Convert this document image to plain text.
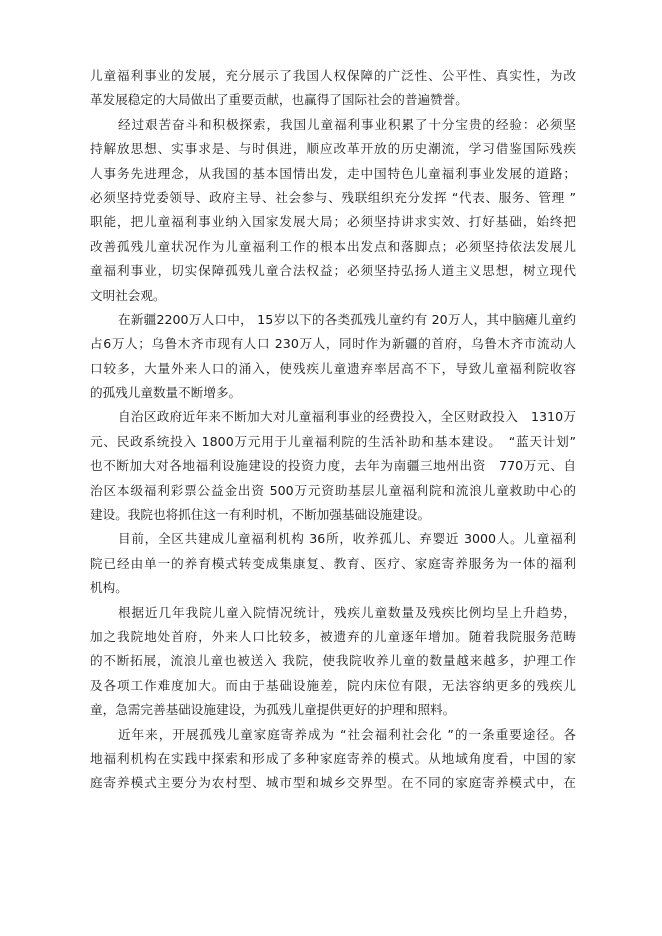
儿童福利事业的发展，充分展示了我国人权保障的广泛性、公平性、真实性，为改
革发展稳定的大局做出了重要贡献，也赢得了国际社会的普遍赞誉。
经过艰苦奋斗和积极探索，我国儿童福利事业积累了十分宝贵的经验：必须坚
持解放思想、实事求是、与时俱进，顺应改革开放的历史潮流，学习借鉴国际残疾
人事务先进理念，从我国的基本国情出发，走中国特色儿童福利事业发展的道路；
必须坚持党委领导、政府主导、社会参与、残联组织充分发挥 “代表、服务、管理 ”
职能，把儿童福利事业纳入国家发展大局；必须坚持讲求实效、打好基础，始终把
改善孤残儿童状况作为儿童福利工作的根本出发点和落脚点；必须坚持依法发展儿
童福利事业，切实保障孤残儿童合法权益；必须坚持弘扬人道主义思想，树立现代
文明社会观。
在新疆2200万人口中， 15岁以下的各类孤残儿童约有 20万人，其中脑瘫儿童约
占6万人；乌鲁木齐市现有人口 230万人，同时作为新疆的首府，乌鲁木齐市流动人
口较多，大量外来人口的涌入，使残疾儿童遗弃率居高不下，导致儿童福利院收容
的孤残儿童数量不断增多。
自治区政府近年来不断加大对儿童福利事业的经费投入，全区财政投入　1310万
元、民政系统投入 1800万元用于儿童福利院的生活补助和基本建设。　“蓝天计划”
也不断加大对各地福利设施建设的投资力度，去年为南疆三地州出资　770万元、自
治区本级福利彩票公益金出资 500万元资助基层儿童福利院和流浪儿童救助中心的
建设。我院也将抓住这一有利时机，不断加强基础设施建设。
目前，全区共建成儿童福利机构 36所，收养孤儿、弃婴近 3000人。儿童福利
院已经由单一的养育模式转变成集康复、教育、医疗、家庭寄养服务为一体的福利
机构。
根据近几年我院儿童入院情况统计，残疾儿童数量及残疾比例均呈上升趋势，
加之我院地处首府，外来人口比较多，被遗弃的儿童逐年增加。随着我院服务范畴
的不断拓展，流浪儿童也被送入 我院，使我院收养儿童的数量越来越多，护理工作
及各项工作难度加大。而由于基础设施差，院内床位有限，无法容纳更多的残疾儿
童，急需完善基础设施建设，为孤残儿童提供更好的护理和照料。
近年来，开展孤残儿童家庭寄养成为 “社会福利社会化 ”的一条重要途径。各
地福利机构在实践中探索和形成了多种家庭寄养的模式。从地域角度看，中国的家
庭寄养模式主要分为农村型、城市型和城乡交界型。在不同的家庭寄养模式中，在
